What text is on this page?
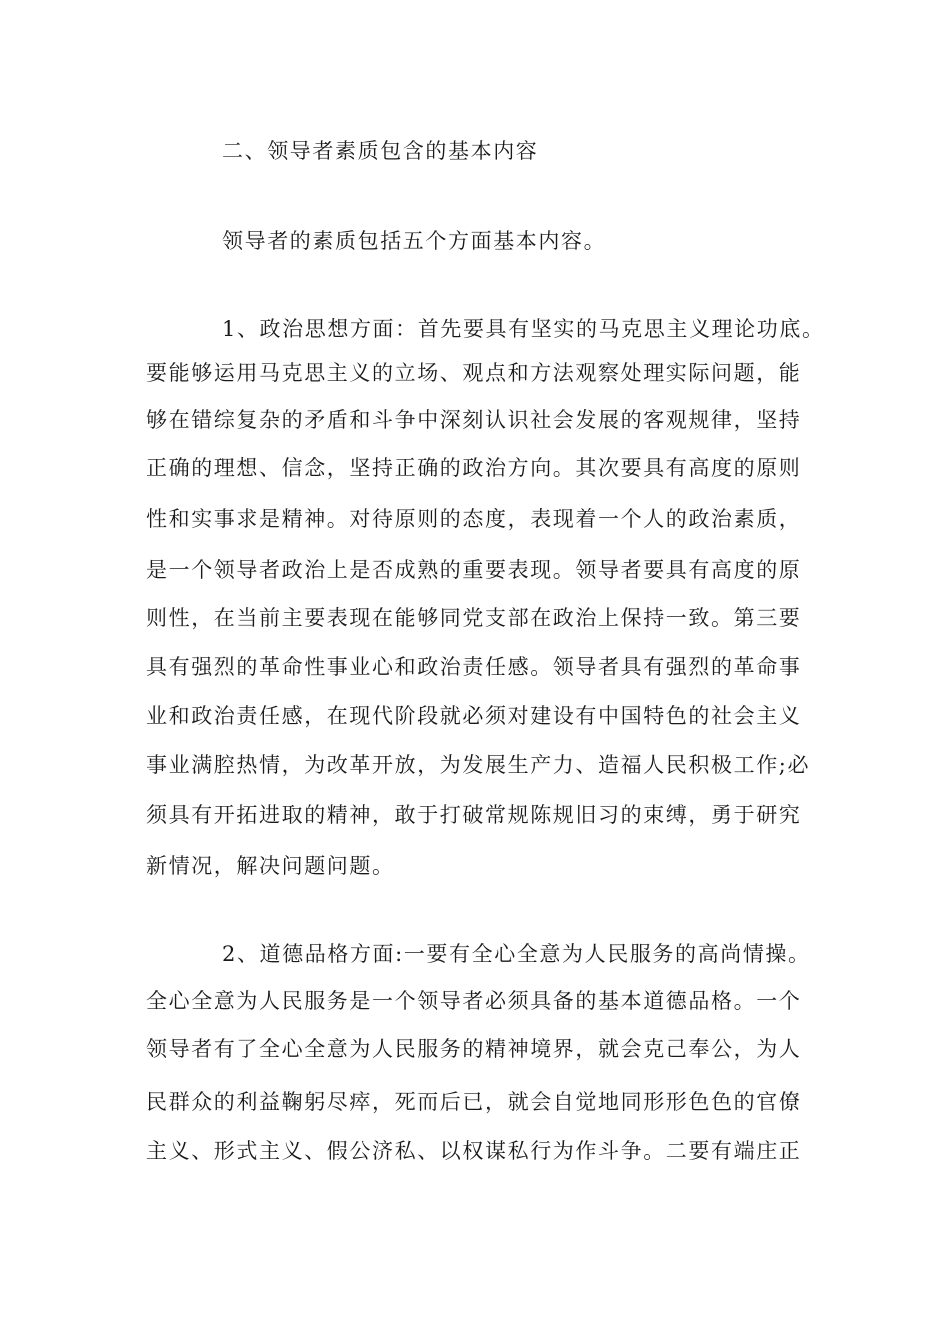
二、领导者素质包含的基本内容
领导者的素质包括五个方面基本内容。
1、政治思想方面：首先要具有坚实的马克思主义理论功底。
要能够运用马克思主义的立场、观点和方法观察处理实际问题，能
够在错综复杂的矛盾和斗争中深刻认识社会发展的客观规律，坚持
正确的理想、信念，坚持正确的政治方向。其次要具有高度的原则
性和实事求是精神。对待原则的态度，表现着一个人的政治素质，
是一个领导者政治上是否成熟的重要表现。领导者要具有高度的原
则性，在当前主要表现在能够同党支部在政治上保持一致。第三要
具有强烈的革命性事业心和政治责任感。领导者具有强烈的革命事
业和政治责任感，在现代阶段就必须对建设有中国特色的社会主义
事业满腔热情，为改革开放，为发展生产力、造福人民积极工作;必
须具有开拓进取的精神，敢于打破常规陈规旧习的束缚，勇于研究
新情况，解决问题问题。
2、道德品格方面:一要有全心全意为人民服务的高尚情操。
全心全意为人民服务是一个领导者必须具备的基本道德品格。一个
领导者有了全心全意为人民服务的精神境界，就会克己奉公，为人
民群众的利益鞠躬尽瘁，死而后已，就会自觉地同形形色色的官僚
主义、形式主义、假公济私、以权谋私行为作斗争。二要有端庄正
